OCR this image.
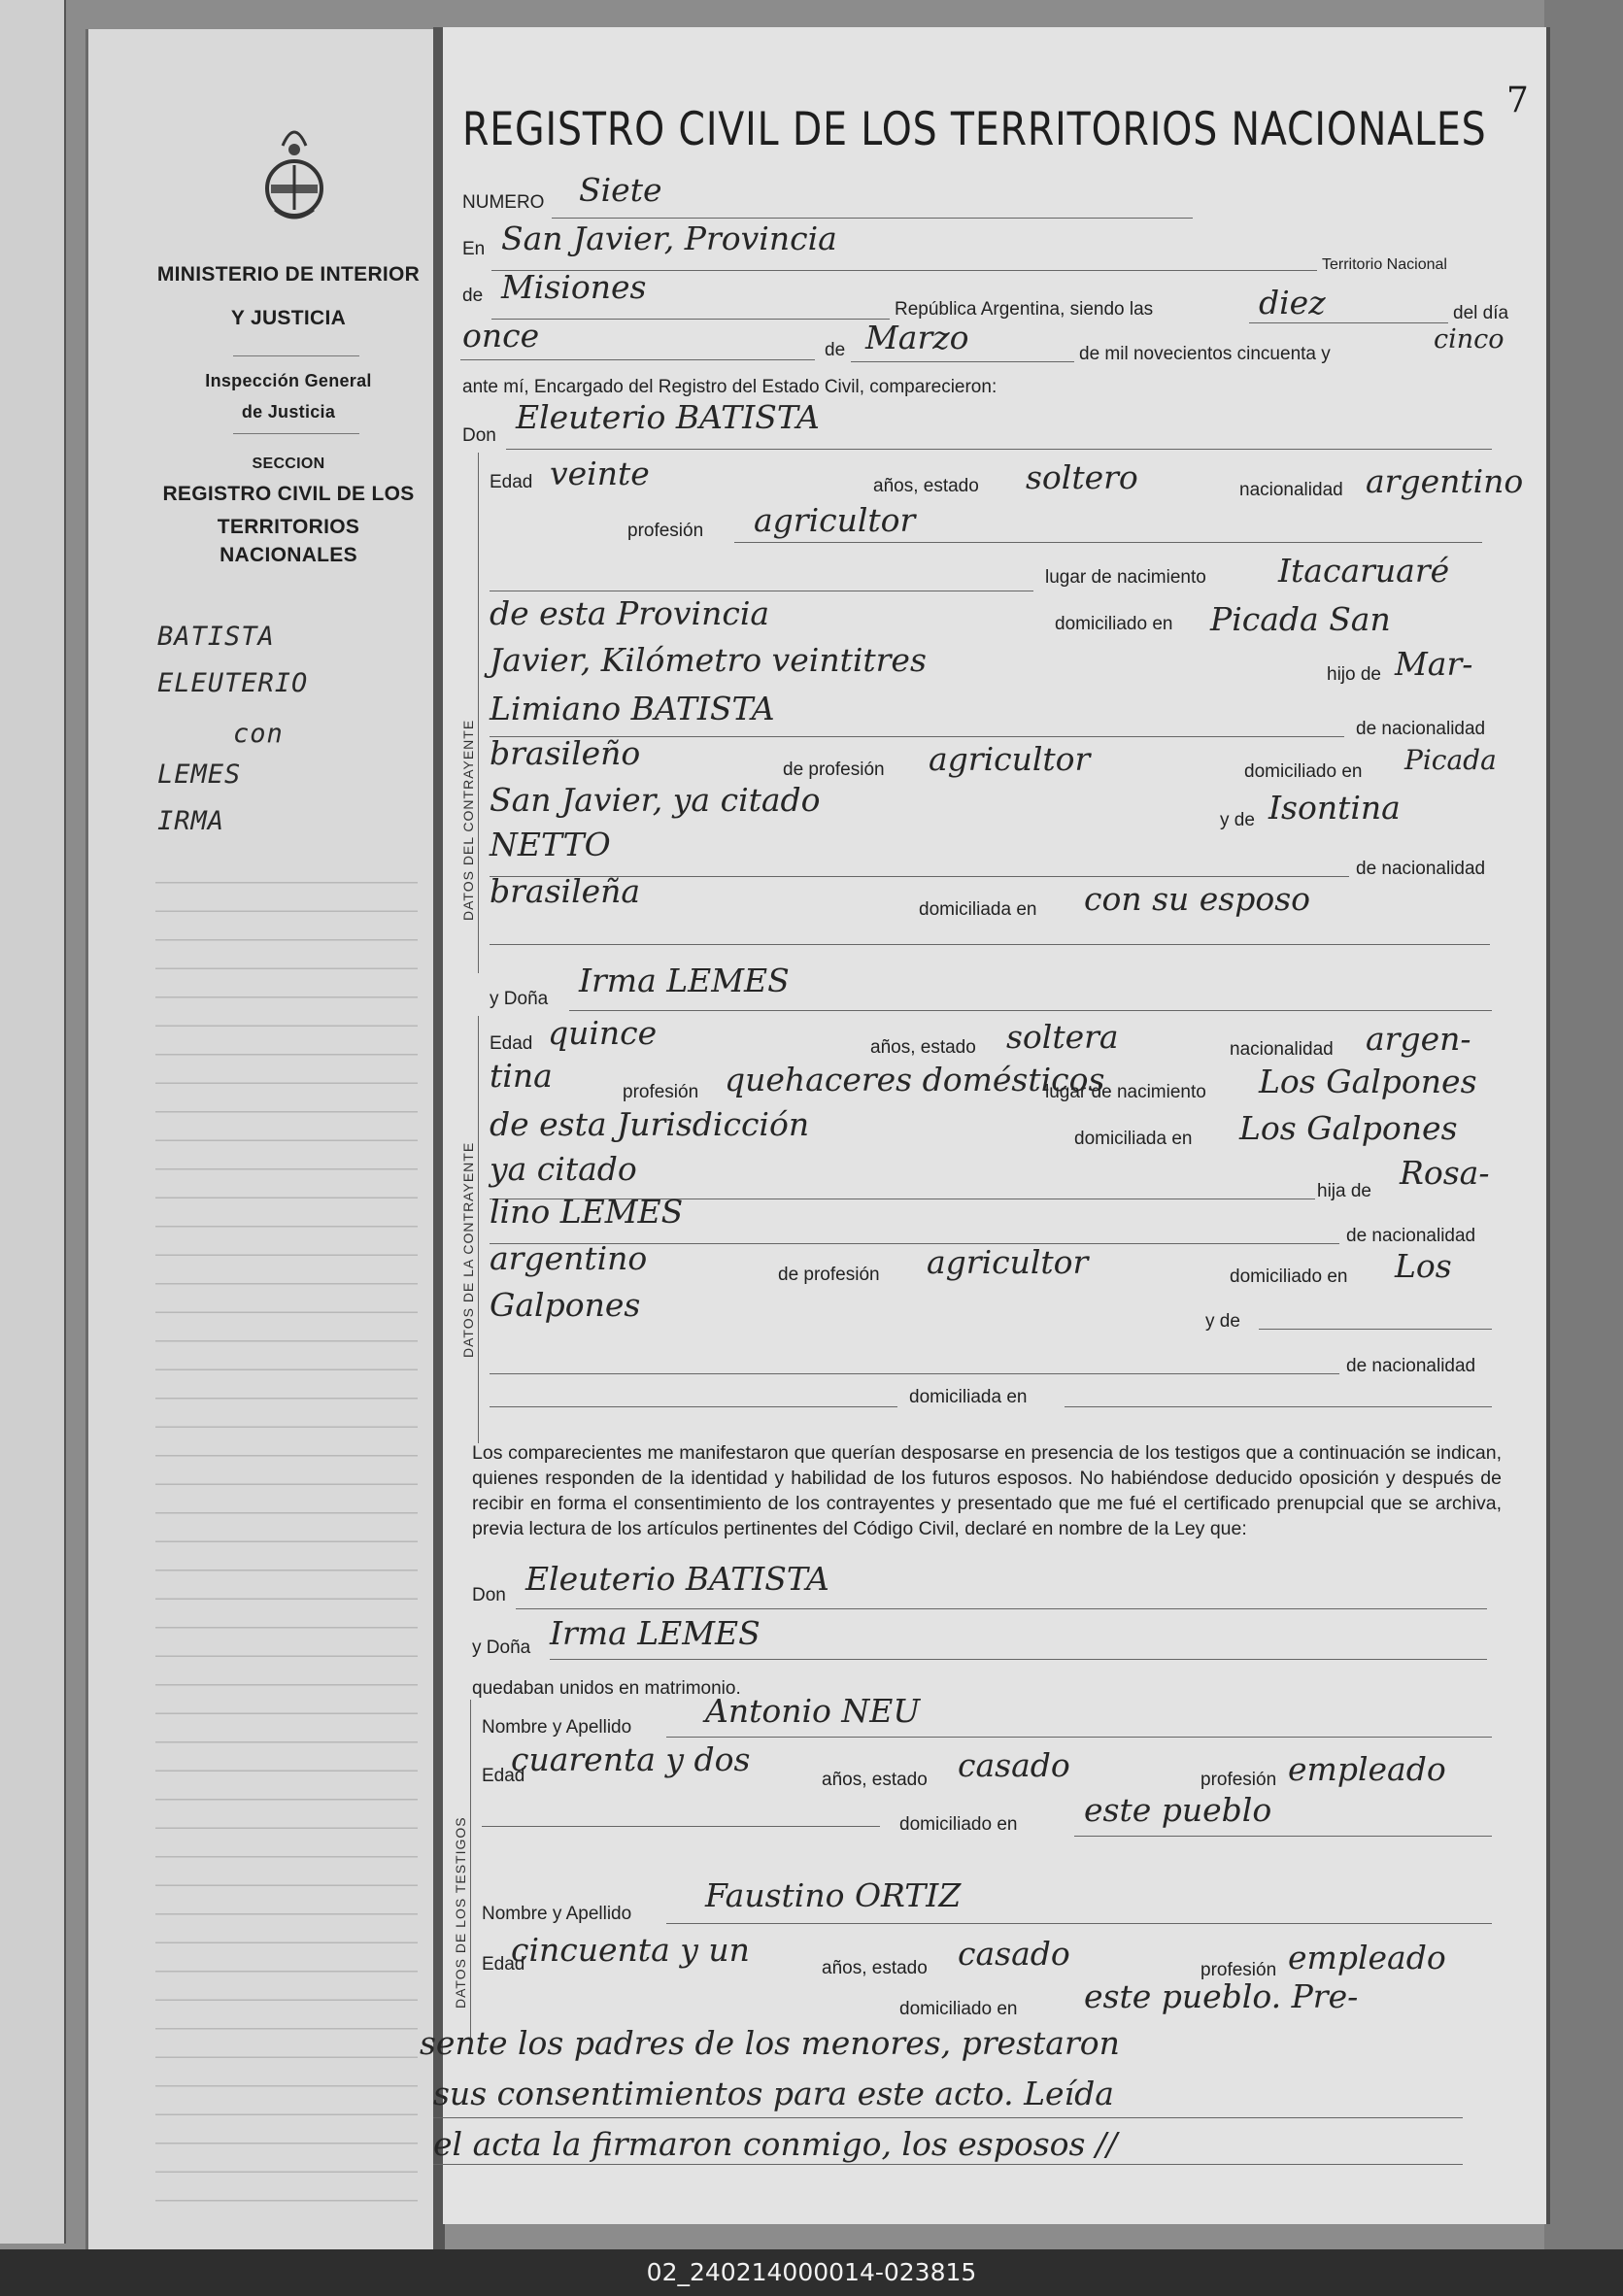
MINISTERIO DE INTERIOR
Y JUSTICIA
Inspección General
de Justicia
SECCION
REGISTRO CIVIL DE LOS
TERRITORIOS NACIONALES
BATISTA
ELEUTERIO
con
LEMES
IRMA
7
REGISTRO CIVIL DE LOS TERRITORIOS NACIONALES
NUMERO Siete
En San Javier, Provincia
Territorio Nacional
de Misiones
República Argentina, siendo las	diez	del día
once	de Marzo	de mil novecientos cincuenta y	cinco
ante mí, Encargado del Registro del Estado Civil, comparecieron:
Don Eleuterio BATISTA
DATOS DEL CONTRAYENTE
Edad veinte	años, estado soltero	nacionalidad argentino
profesión agricultor
lugar de nacimiento Itacaruaré
de esta Provincia	domiciliado en Picada San
Javier, Kilómetro veintitres	hijo de Mar-
Limiano BATISTA
de nacionalidad
brasileño	de profesión agricultor	domiciliado en Picada
San Javier, ya citado
y de Isontina
NETTO
de nacionalidad
brasileña	domiciliada en con su esposo
y Doña Irma LEMES
DATOS DE LA CONTRAYENTE
Edad quince	años, estado soltera	nacionalidad argen-
tina	profesión quehaceres domésticos
lugar de nacimiento Los Galpones
de esta Jurisdicción	domiciliada en Los Galpones
ya citado
hija de Rosa-
lino LEMES
de nacionalidad
argentino	de profesión agricultor	domiciliado en Los
Galpones	y de
de nacionalidad
domiciliada en
Los comparecientes me manifestaron que querían desposarse en presencia de los testigos que a continuación se indican, quienes responden de la identidad y habilidad de los futuros esposos. No habiéndose deducido oposición y después de recibir en forma el consentimiento de los contrayentes y presentado que me fué el certificado prenupcial que se archiva, previa lectura de los artículos pertinentes del Código Civil, declaré en nombre de la Ley que:
Don Eleuterio BATISTA
y Doña Irma LEMES
quedaban unidos en matrimonio.
DATOS DE LOS TESTIGOS
Nombre y Apellido Antonio NEU
Edad
cuarenta y dos
años, estado casado	profesión empleado
domiciliado en este pueblo
Nombre y Apellido Faustino ORTIZ
Edad
cincuenta y un	años, estado casado	profesión empleado
domiciliado en este pueblo. Pre-
sente los padres de los menores, prestaron
sus consentimientos para este acto. Leída
el acta la firmaron conmigo, los esposos //
02_240214000014-023815
